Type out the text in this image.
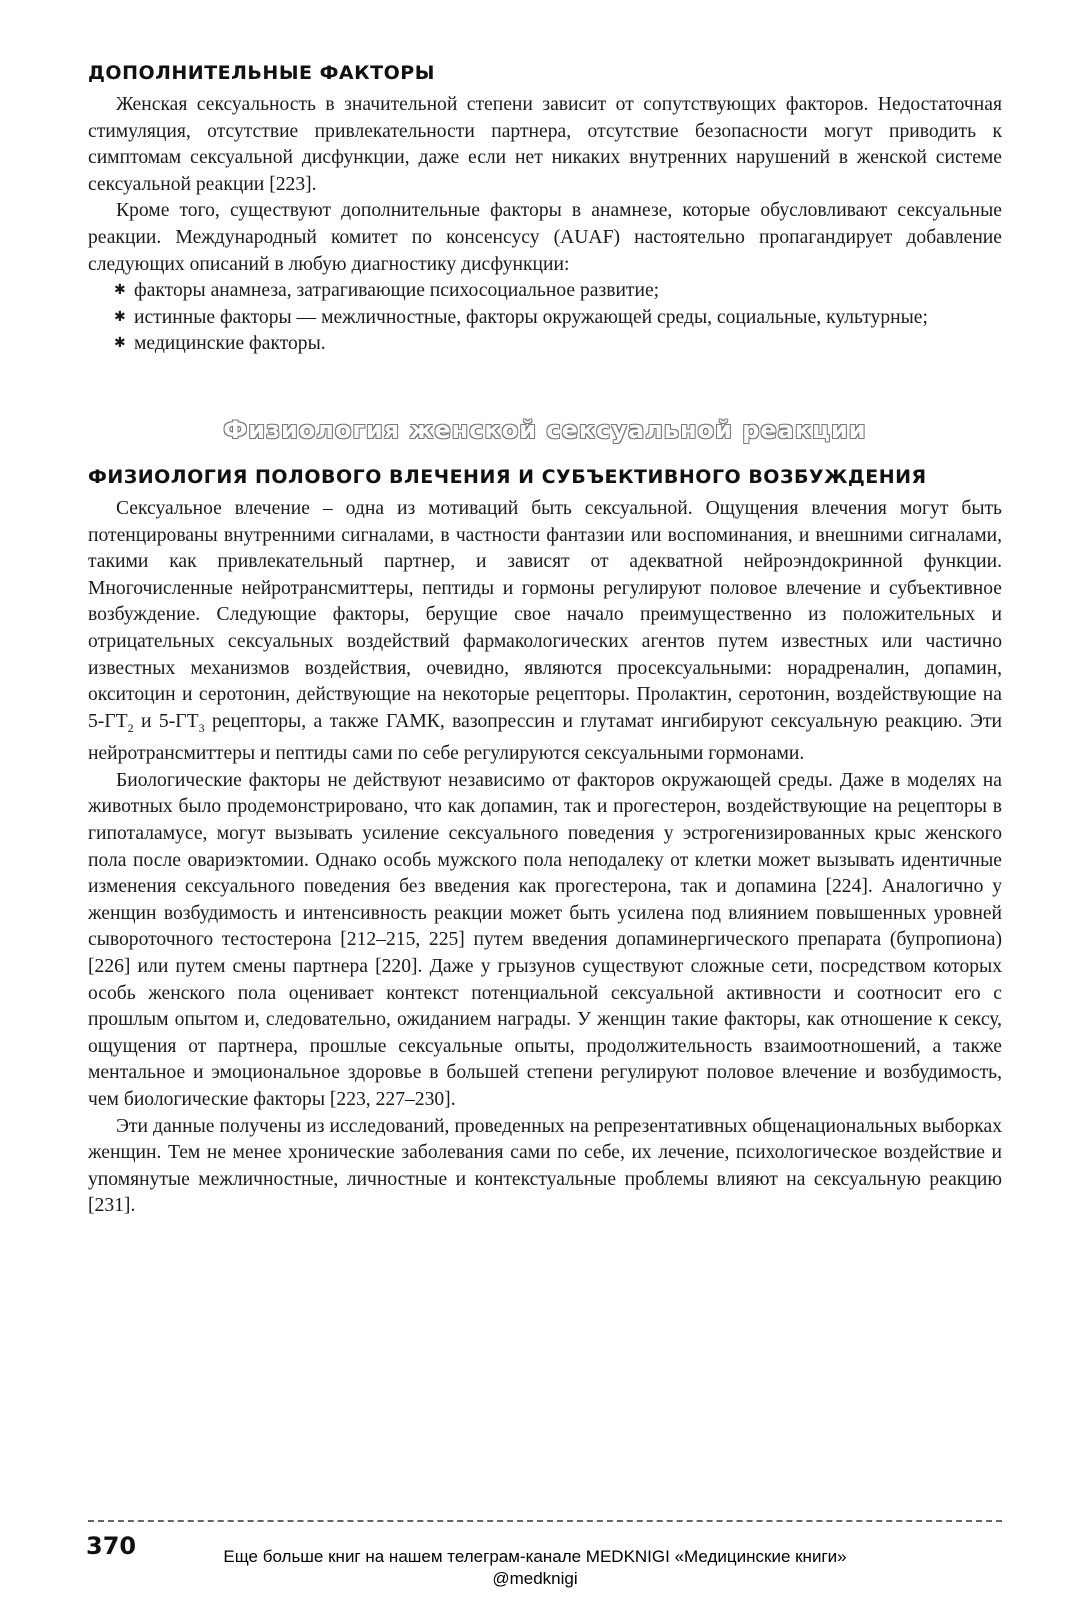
ДОПОЛНИТЕЛЬНЫЕ ФАКТОРЫ

Женская сексуальность в значительной степени зависит от сопутствующих факторов. Недостаточная стимуляция, отсутствие привлекательности партнера, отсутствие безопасности могут приводить к симптомам сексуальной дисфункции, даже если нет никаких внутренних нарушений в женской системе сексуальной реакции [223].

Кроме того, существуют дополнительные факторы в анамнезе, которые обусловливают сексуальные реакции. Международный комитет по консенсусу (AUAF) настоятельно пропагандирует добавление следующих описаний в любую диагностику дисфункции:

✱ факторы анамнеза, затрагивающие психосоциальное развитие;
✱ истинные факторы — межличностные, факторы окружающей среды, социальные, культурные;
✱ медицинские факторы.
Физиология женской сексуальной реакции
ФИЗИОЛОГИЯ ПОЛОВОГО ВЛЕЧЕНИЯ И СУБЪЕКТИВНОГО ВОЗБУЖДЕНИЯ

Сексуальное влечение – одна из мотиваций быть сексуальной. Ощущения влечения могут быть потенцированы внутренними сигналами, в частности фантазии или воспоминания, и внешними сигналами, такими как привлекательный партнер, и зависят от адекватной нейроэндокринной функции. Многочисленные нейротрансмиттеры, пептиды и гормоны регулируют половое влечение и субъективное возбуждение. Следующие факторы, берущие свое начало преимущественно из положительных и отрицательных сексуальных воздействий фармакологических агентов путем известных или частично известных механизмов воздействия, очевидно, являются просексуальными: норадреналин, допамин, окситоцин и серотонин, действующие на некоторые рецепторы. Пролактин, серотонин, воздействующие на $5-ГТ_2$ и $5-ГТ_3$ рецепторы, а также ГАМК, вазопрессин и глутамат ингибируют сексуальную реакцию. Эти нейротрансмиттеры и пептиды сами по себе регулируются сексуальными гормонами.

Биологические факторы не действуют независимо от факторов окружающей среды. Даже в моделях на животных было продемонстрировано, что как допамин, так и прогестерон, воздействующие на рецепторы в гипоталамусе, могут вызывать усиление сексуального поведения у эстрогенизированных крыс женского пола после овариэктомии. Однако особь мужского пола неподалеку от клетки может вызывать идентичные изменения сексуального поведения без введения как прогестерона, так и допамина [224]. Аналогично у женщин возбудимость и интенсивность реакции может быть усилена под влиянием повышенных уровней сывороточного тестостерона [212–215, 225] путем введения допаминергического препарата (бупропиона) [226] или путем смены партнера [220]. Даже у грызунов существуют сложные сети, посредством которых особь женского пола оценивает контекст потенциальной сексуальной активности и соотносит его с прошлым опытом и, следовательно, ожиданием награды. У женщин такие факторы, как отношение к сексу, ощущения от партнера, прошлые сексуальные опыты, продолжительность взаимоотношений, а также ментальное и эмоциональное здоровье в большей степени регулируют половое влечение и возбудимость, чем биологические факторы [223, 227–230].

Эти данные получены из исследований, проведенных на репрезентативных общенациональных выборках женщин. Тем не менее хронические заболевания сами по себе, их лечение, психологическое воздействие и упомянутые межличностные, личностные и контекстуальные проблемы влияют на сексуальную реакцию [231].

370	Еще больше книг на нашем телеграм-канале MEDKNIGI «Медицинские книги»
@medknigi
